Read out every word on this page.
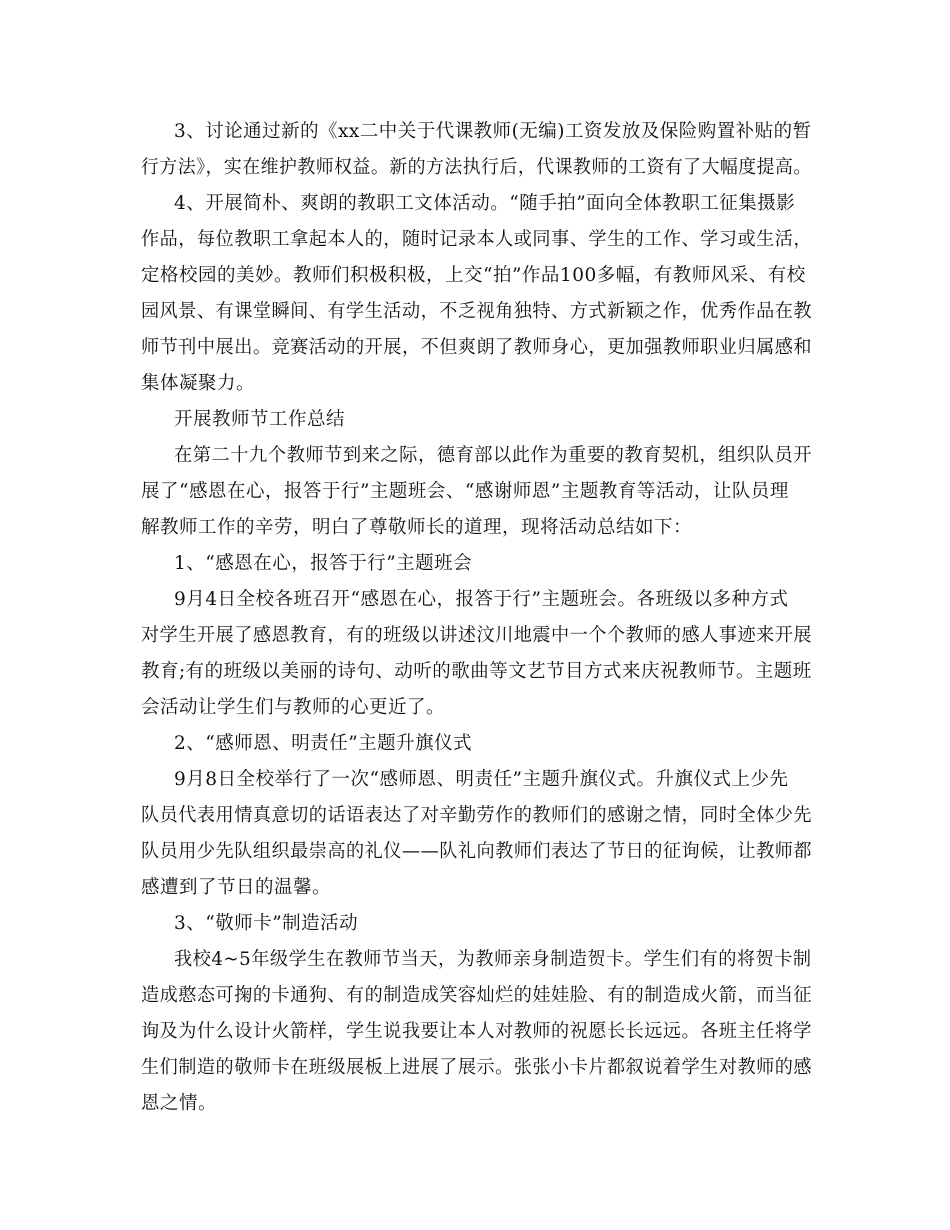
3、讨论通过新的《xx二中关于代课教师(无编)工资发放及保险购置补贴的暂
行方法》，实在维护教师权益。新的方法执行后，代课教师的工资有了大幅度提高。
4、开展简朴、爽朗的教职工文体活动。“随手拍”面向全体教职工征集摄影
作品，每位教职工拿起本人的，随时记录本人或同事、学生的工作、学习或生活，
定格校园的美妙。教师们积极积极，上交“拍”作品100多幅，有教师风采、有校
园风景、有课堂瞬间、有学生活动，不乏视角独特、方式新颖之作，优秀作品在教
师节刊中展出。竞赛活动的开展，不但爽朗了教师身心，更加强教师职业归属感和
集体凝聚力。
开展教师节工作总结
在第二十九个教师节到来之际，德育部以此作为重要的教育契机，组织队员开
展了“感恩在心，报答于行”主题班会、“感谢师恩”主题教育等活动，让队员理
解教师工作的辛劳，明白了尊敬师长的道理，现将活动总结如下：
1、“感恩在心，报答于行”主题班会
9月4日全校各班召开“感恩在心，报答于行”主题班会。各班级以多种方式
对学生开展了感恩教育，有的班级以讲述汶川地震中一个个教师的感人事迹来开展
教育;有的班级以美丽的诗句、动听的歌曲等文艺节目方式来庆祝教师节。主题班
会活动让学生们与教师的心更近了。
2、“感师恩、明责任”主题升旗仪式
9月8日全校举行了一次“感师恩、明责任”主题升旗仪式。升旗仪式上少先
队员代表用情真意切的话语表达了对辛勤劳作的教师们的感谢之情，同时全体少先
队员用少先队组织最崇高的礼仪——队礼向教师们表达了节日的征询候，让教师都
感遭到了节日的温馨。
3、“敬师卡”制造活动
我校4~5年级学生在教师节当天，为教师亲身制造贺卡。学生们有的将贺卡制
造成憨态可掬的卡通狗、有的制造成笑容灿烂的娃娃脸、有的制造成火箭，而当征
询及为什么设计火箭样，学生说我要让本人对教师的祝愿长长远远。各班主任将学
生们制造的敬师卡在班级展板上进展了展示。张张小卡片都叙说着学生对教师的感
恩之情。
